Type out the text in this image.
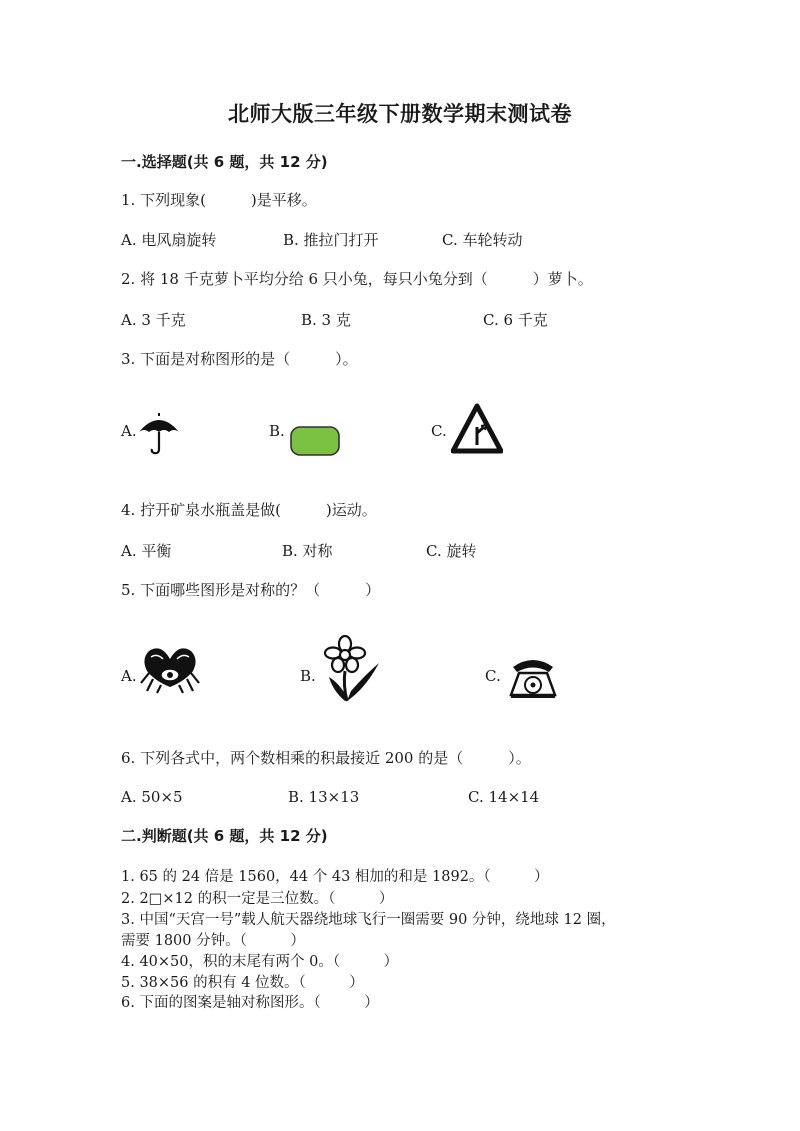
北师大版三年级下册数学期末测试卷
一.选择题(共 6 题，共 12 分)
1. 下列现象(　　　)是平移。
A. 电风扇旋转	B. 推拉门打开	C. 车轮转动
2. 将 18 千克萝卜平均分给 6 只小兔，每只小兔分到（　　　）萝卜。
A. 3 千克	B. 3 克	C. 6 千克
3. 下面是对称图形的是（　　　）。
A.	B.	C.
4. 拧开矿泉水瓶盖是做(　　　)运动。
A. 平衡	B. 对称	C. 旋转
5. 下面哪些图形是对称的？（　　　）
A.	B.	C.
6. 下列各式中，两个数相乘的积最接近 200 的是（　　　）。
A. 50×5	B. 13×13	C. 14×14
二.判断题(共 6 题，共 12 分)
1. 65 的 24 倍是 1560，44 个 43 相加的和是 1892。（　　　）
2. 2□×12 的积一定是三位数。（　　　）
3. 中国“天宫一号”载人航天器绕地球飞行一圈需要 90 分钟，绕地球 12 圈，
需要 1800 分钟。（　　　）
4. 40×50，积的末尾有两个 0。（　　　）
5. 38×56 的积有 4 位数。（　　　）
6. 下面的图案是轴对称图形。（　　　）
